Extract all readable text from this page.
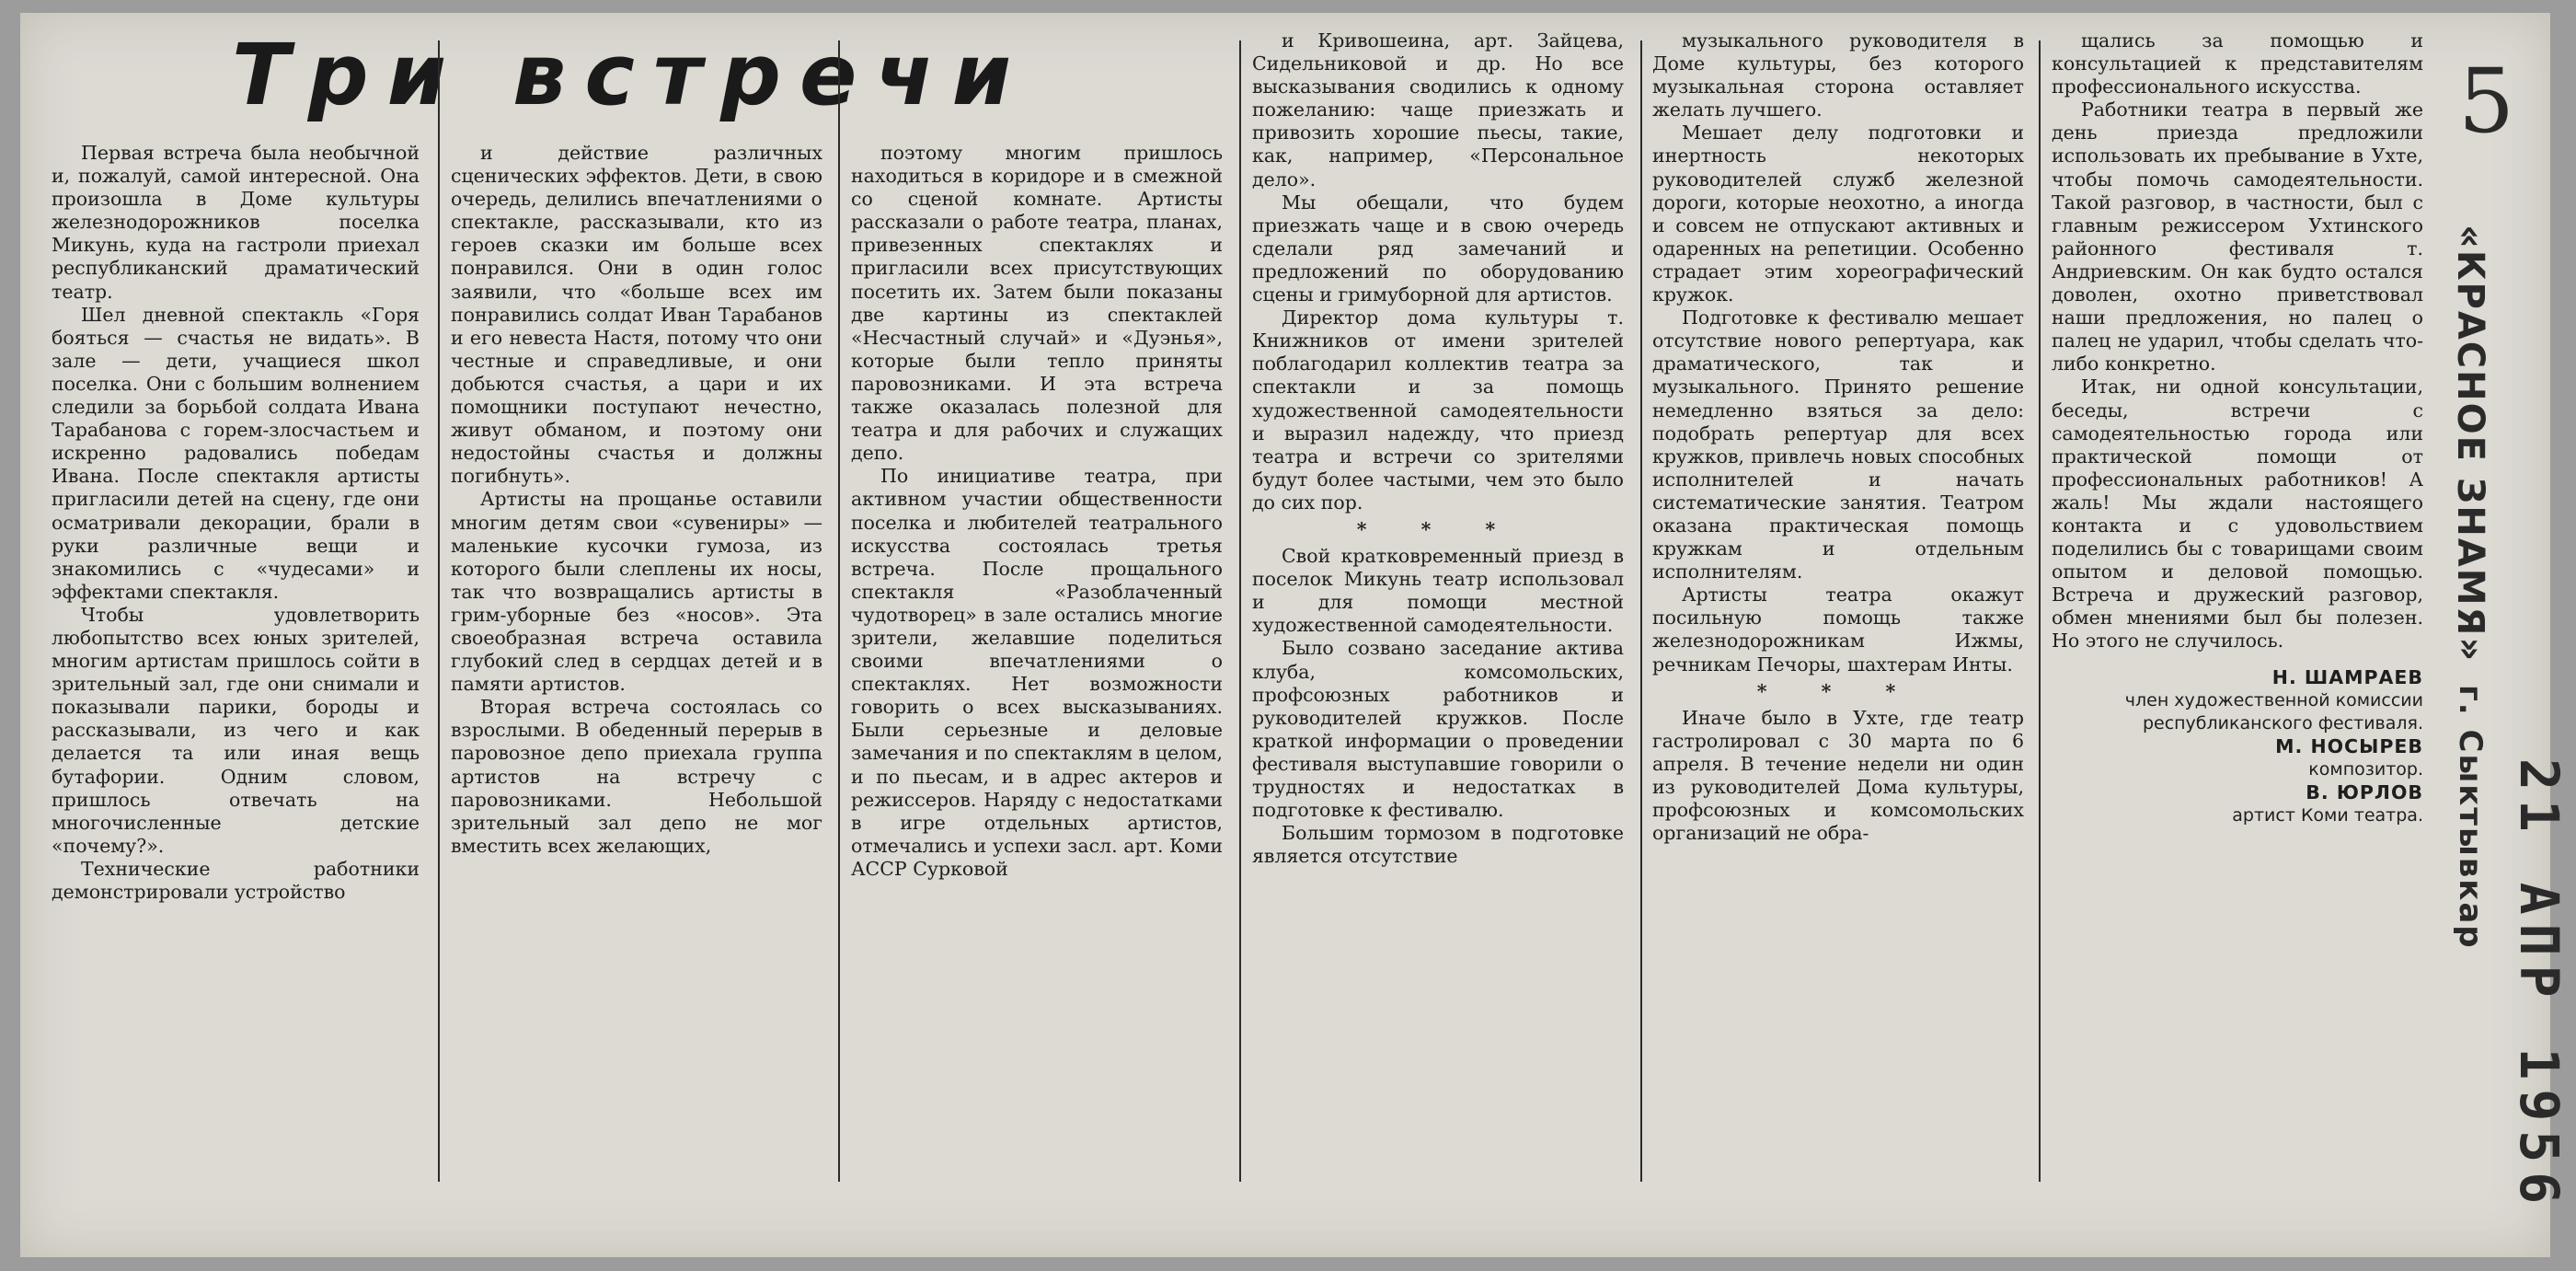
Три встречи

Первая встреча была необычной и, пожалуй, самой интересной. Она произошла в Доме культуры железнодорожников поселка Микунь, куда на гастроли приехал республиканский драматический театр.

Шел дневной спектакль «Горя бояться — счастья не видать». В зале — дети, учащиеся школ поселка. Они с большим волнением следили за борьбой солдата Ивана Тарабанова с горем-злосчастьем и искренно радовались победам Ивана. После спектакля артисты пригласили детей на сцену, где они осматривали декорации, брали в руки различные вещи и знакомились с «чудесами» и эффектами спектакля.

Чтобы удовлетворить любопытство всех юных зрителей, многим артистам пришлось сойти в зрительный зал, где они снимали и показывали парики, бороды и рассказывали, из чего и как делается та или иная вещь бутафории. Одним словом, пришлось отвечать на многочисленные детские «почему?».

Технические работники демонстрировали устройство

и действие различных сценических эффектов. Дети, в свою очередь, делились впечатлениями о спектакле, рассказывали, кто из героев сказки им больше всех понравился. Они в один голос заявили, что «больше всех им понравились солдат Иван Тарабанов и его невеста Настя, потому что они честные и справедливые, и они добьются счастья, а цари и их помощники поступают нечестно, живут обманом, и поэтому они недостойны счастья и должны погибнуть».

Артисты на прощанье оставили многим детям свои «сувениры» — маленькие кусочки гумоза, из которого были слеплены их носы, так что возвращались артисты в грим-уборные без «носов». Эта своеобразная встреча оставила глубокий след в сердцах детей и в памяти артистов.

Вторая встреча состоялась со взрослыми. В обеденный перерыв в паровозное депо приехала группа артистов на встречу с паровозниками. Небольшой зрительный зал депо не мог вместить всех желающих,

поэтому многим пришлось находиться в коридоре и в смежной со сценой комнате. Артисты рассказали о работе театра, планах, привезенных спектаклях и пригласили всех присутствующих посетить их. Затем были показаны две картины из спектаклей «Несчастный случай» и «Дуэнья», которые были тепло приняты паровозниками. И эта встреча также оказалась полезной для театра и для рабочих и служащих депо.

По инициативе театра, при активном участии общественности поселка и любителей театрального искусства состоялась третья встреча. После прощального спектакля «Разоблаченный чудотворец» в зале остались многие зрители, желавшие поделиться своими впечатлениями о спектаклях. Нет возможности говорить о всех высказываниях. Были серьезные и деловые замечания и по спектаклям в целом, и по пьесам, и в адрес актеров и режиссеров. Наряду с недостатками в игре отдельных артистов, отмечались и успехи засл. арт. Коми АССР Сурковой

и Кривошеина, арт. Зайцева, Сидельниковой и др. Но все высказывания сводились к одному пожеланию: чаще приезжать и привозить хорошие пьесы, такие, как, например, «Персональное дело».

Мы обещали, что будем приезжать чаще и в свою очередь сделали ряд замечаний и предложений по оборудованию сцены и гримуборной для артистов.

Директор дома культуры т. Книжников от имени зрителей поблагодарил коллектив театра за спектакли и за помощь художественной самодеятельности и выразил надежду, что приезд театра и встречи со зрителями будут более частыми, чем это было до сих пор.

* * *

Свой кратковременный приезд в поселок Микунь театр использовал и для помощи местной художественной самодеятельности.

Было созвано заседание актива клуба, комсомольских, профсоюзных работников и руководителей кружков. После краткой информации о проведении фестиваля выступавшие говорили о трудностях и недостатках в подготовке к фестивалю.

Большим тормозом в подготовке является отсутствие

музыкального руководителя в Доме культуры, без которого музыкальная сторона оставляет желать лучшего.

Мешает делу подготовки и инертность некоторых руководителей служб железной дороги, которые неохотно, а иногда и совсем не отпускают активных и одаренных на репетиции. Особенно страдает этим хореографический кружок.

Подготовке к фестивалю мешает отсутствие нового репертуара, как драматического, так и музыкального. Принято решение немедленно взяться за дело: подобрать репертуар для всех кружков, привлечь новых способных исполнителей и начать систематические занятия. Театром оказана практическая помощь кружкам и отдельным исполнителям.

Артисты театра окажут посильную помощь также железнодорожникам Ижмы, речникам Печоры, шахтерам Инты.

* * *

Иначе было в Ухте, где театр гастролировал с 30 марта по 6 апреля. В течение недели ни один из руководителей Дома культуры, профсоюзных и комсомольских организаций не обра-

щались за помощью и консультацией к представителям профессионального искусства.

Работники театра в первый же день приезда предложили использовать их пребывание в Ухте, чтобы помочь самодеятельности. Такой разговор, в частности, был с главным режиссером Ухтинского районного фестиваля т. Андриевским. Он как будто остался доволен, охотно приветствовал наши предложения, но палец о палец не ударил, чтобы сделать что-либо конкретно.

Итак, ни одной консультации, беседы, встречи с самодеятельностью города или практической помощи от профессиональных работников! А жаль! Мы ждали настоящего контакта и с удовольствием поделились бы с товарищами своим опытом и деловой помощью. Встреча и дружеский разговор, обмен мнениями был бы полезен. Но этого не случилось.

Н. ШАМРАЕВ

член художественной комиссии республиканского фестиваля.

М. НОСЫРЕВ

композитор.

В. ЮРЛОВ

артист Коми театра.

5
«КРАСНОЕ ЗНАМЯ» г. Сыктывкар 21 АПР 1956
